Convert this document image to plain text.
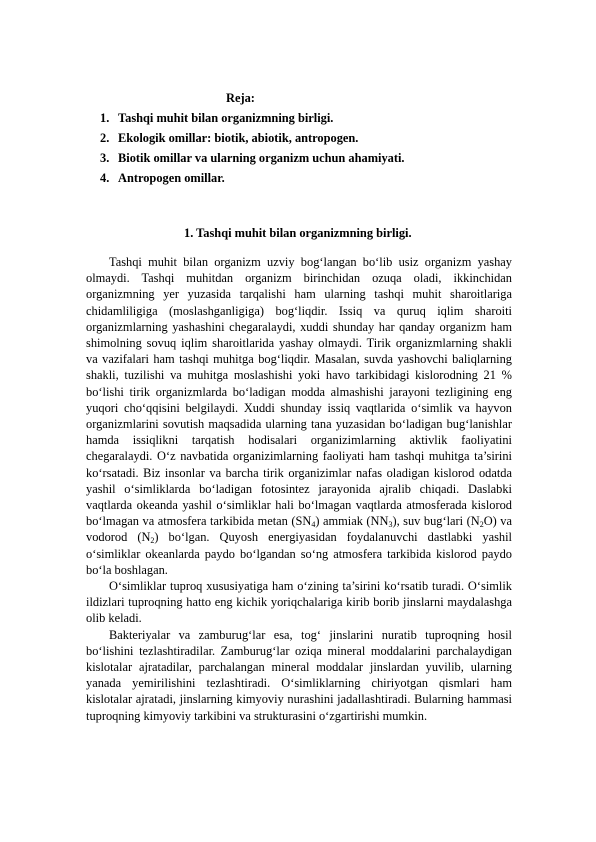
Reja:

1. Tashqi muhit bilan organizmning birligi.
2. Ekologik omillar: biotik, abiotik, antropogen.
3. Biotik omillar va ularning organizm uchun ahamiyati.
4. Antropogen omillar.
1. Tashqi muhit bilan organizmning birligi.

Tashqi muhit bilan organizm uzviy bog‘langan bo‘lib usiz organizm yashay olmaydi. Tashqi muhitdan organizm birinchidan ozuqa oladi, ikkinchidan organizmning yer yuzasida tarqalishi ham ularning tashqi muhit sharoitlariga chidamliligiga (moslashganligiga) bog‘liqdir. Issiq va quruq iqlim sharoiti organizmlarning yashashini chegaralaydi, xuddi shunday har qanday organizm ham shimolning sovuq iqlim sharoitlarida yashay olmaydi. Tirik organizmlarning shakli va vazifalari ham tashqi muhitga bog‘liqdir. Masalan, suvda yashovchi baliqlarning shakli, tuzilishi va muhitga moslashishi yoki havo tarkibidagi kislorodning 21 % bo‘lishi tirik organizmlarda bo‘ladigan modda almashishi jarayoni tezligining eng yuqori cho‘qqisini belgilaydi. Xuddi shunday issiq vaqtlarida o‘simlik va hayvon organizmlarini sovutish maqsadida ularning tana yuzasidan bo‘ladigan bug‘lanishlar hamda issiqlikni tarqatish hodisalari organizimlarning aktivlik faoliyatini chegaralaydi. O‘z navbatida organizimlarning faoliyati ham tashqi muhitga ta’sirini ko‘rsatadi. Biz insonlar va barcha tirik organizimlar nafas oladigan kislorod odatda yashil o‘simliklarda bo‘ladigan fotosintez jarayonida ajralib chiqadi. Daslabki vaqtlarda okeanda yashil o‘simliklar hali bo‘lmagan vaqtlarda atmosferada kislorod bo‘lmagan va atmosfera tarkibida metan $(SN_4)$ ammiak $(NN_3)$, suv bug‘lari $(N_2O)$ va vodorod $(N_2)$ bo‘lgan. Quyosh energiyasidan foydalanuvchi dastlabki yashil o‘simliklar okeanlarda paydo bo‘lgandan so‘ng atmosfera tarkibida kislorod paydo bo‘la boshlagan.

O‘simliklar tuproq xususiyatiga ham o‘zining ta’sirini ko‘rsatib turadi. O‘simlik ildizlari tuproqning hatto eng kichik yoriqchalariga kirib borib jinslarni maydalashga olib keladi.

Bakteriyalar va zamburug‘lar esa, tog‘ jinslarini nuratib tuproqning hosil bo‘lishini tezlashtiradilar. Zamburug‘lar oziqa mineral moddalarini parchalaydigan kislotalar ajratadilar, parchalangan mineral moddalar jinslardan yuvilib, ularning yanada yemirilishini tezlashtiradi. O‘simliklarning chiriyotgan qismlari ham kislotalar ajratadi, jinslarning kimyoviy nurashini jadallashtiradi. Bularning hammasi tuproqning kimyoviy tarkibini va strukturasini o‘zgartirishi mumkin.
